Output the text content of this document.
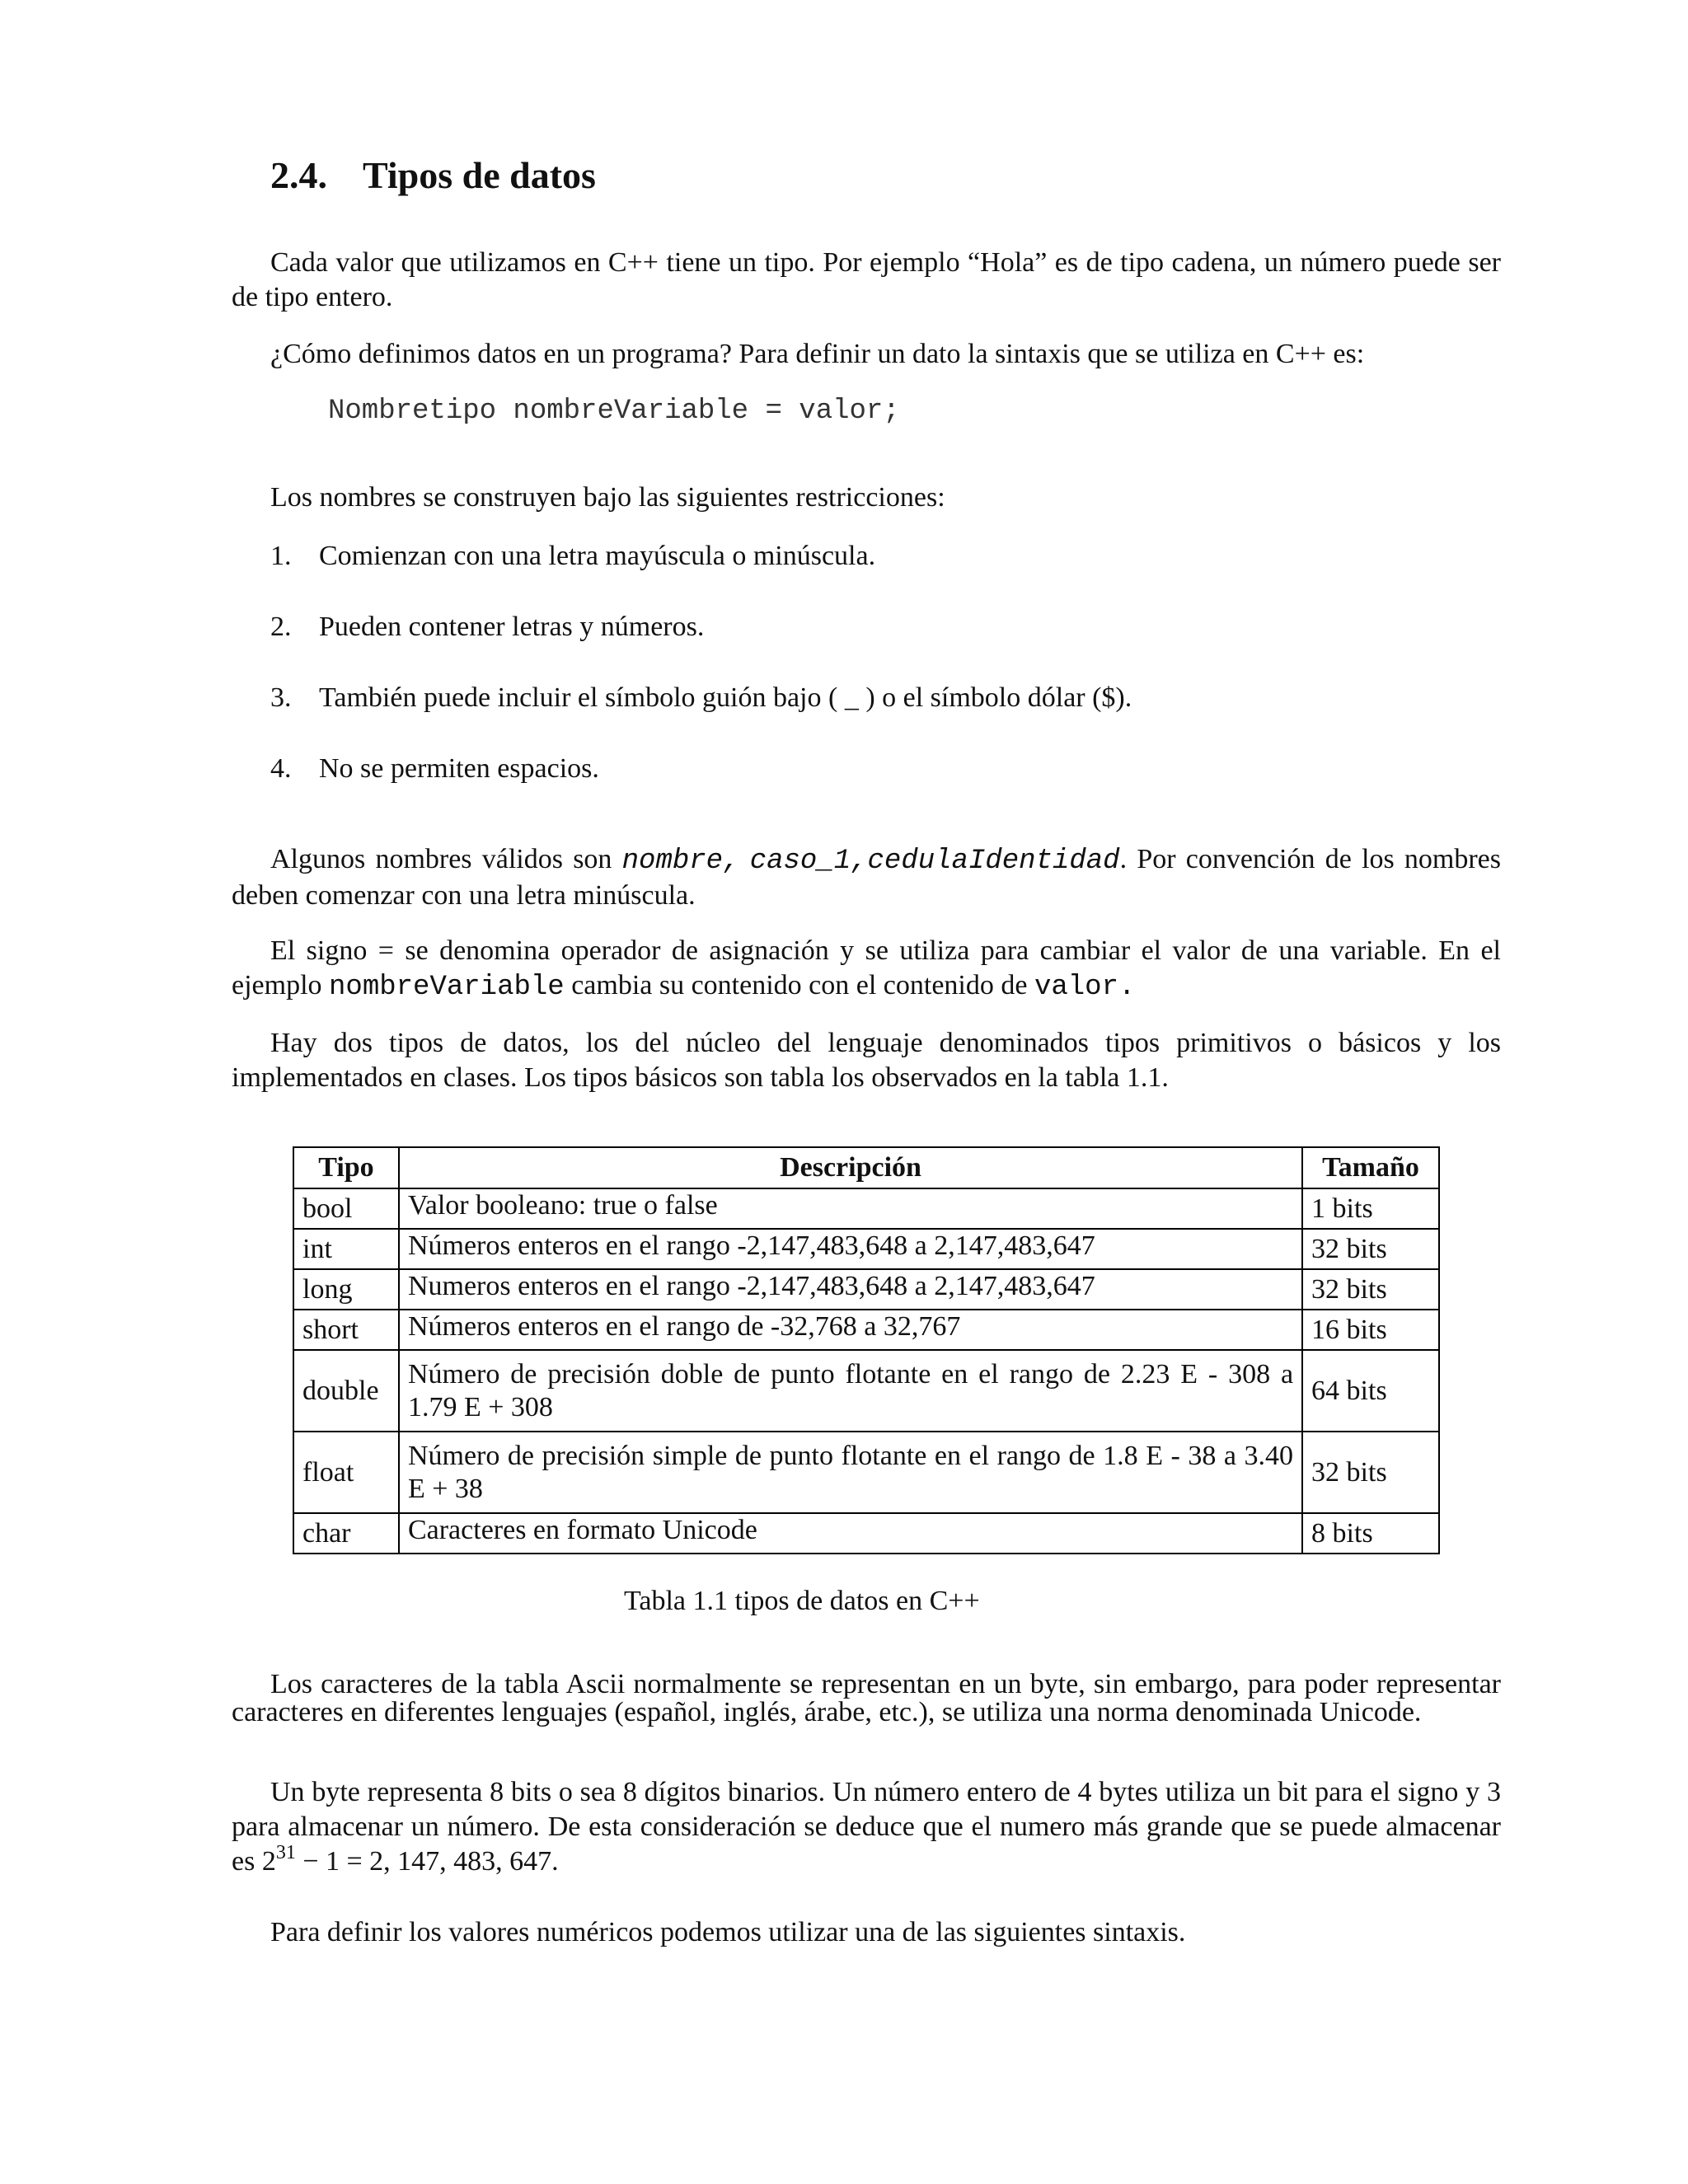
2.4. Tipos de datos
Cada valor que utilizamos en C++ tiene un tipo. Por ejemplo “Hola” es de tipo cadena, un número puede ser de tipo entero.
¿Cómo definimos datos en un programa? Para definir un dato la sintaxis que se utiliza en C++ es:
Nombretipo nombreVariable = valor;
Los nombres se construyen bajo las siguientes restricciones:
1. Comienzan con una letra mayúscula o minúscula.
2. Pueden contener letras y números.
3. También puede incluir el símbolo guión bajo ( _ ) o el símbolo dólar ($).
4. No se permiten espacios.
Algunos nombres válidos son nombre, caso_1,cedulaIdentidad. Por convención de los nombres deben comenzar con una letra minúscula.
El signo = se denomina operador de asignación y se utiliza para cambiar el valor de una variable. En el ejemplo nombreVariable cambia su contenido con el contenido de valor.
Hay dos tipos de datos, los del núcleo del lenguaje denominados tipos primitivos o básicos y los implementados en clases. Los tipos básicos son tabla los observados en la tabla 1.1.
Tipo	Descripción	Tamaño
bool	Valor booleano: true o false	1 bits
int	Números enteros en el rango -2,147,483,648 a 2,147,483,647	32 bits
long	Numeros enteros en el rango -2,147,483,648 a 2,147,483,647	32 bits
short	Números enteros en el rango de -32,768 a 32,767	16 bits
double	Número de precisión doble de punto flotante en el rango de 2.23 E - 308 a 1.79 E + 308	64 bits
float	Número de precisión simple de punto flotante en el rango de 1.8 E - 38 a 3.40 E + 38	32 bits
char	Caracteres en formato Unicode	8 bits
Tabla 1.1 tipos de datos en C++
Los caracteres de la tabla Ascii normalmente se representan en un byte, sin embargo, para poder representar caracteres en diferentes lenguajes (español, inglés, árabe, etc.), se utiliza una norma denominada Unicode.
Un byte representa 8 bits o sea 8 dígitos binarios. Un número entero de 4 bytes utiliza un bit para el signo y 3 para almacenar un número. De esta consideración se deduce que el numero más grande que se puede almacenar es $2^{31} - 1 = 2$, 147, 483, 647.
Para definir los valores numéricos podemos utilizar una de las siguientes sintaxis.
